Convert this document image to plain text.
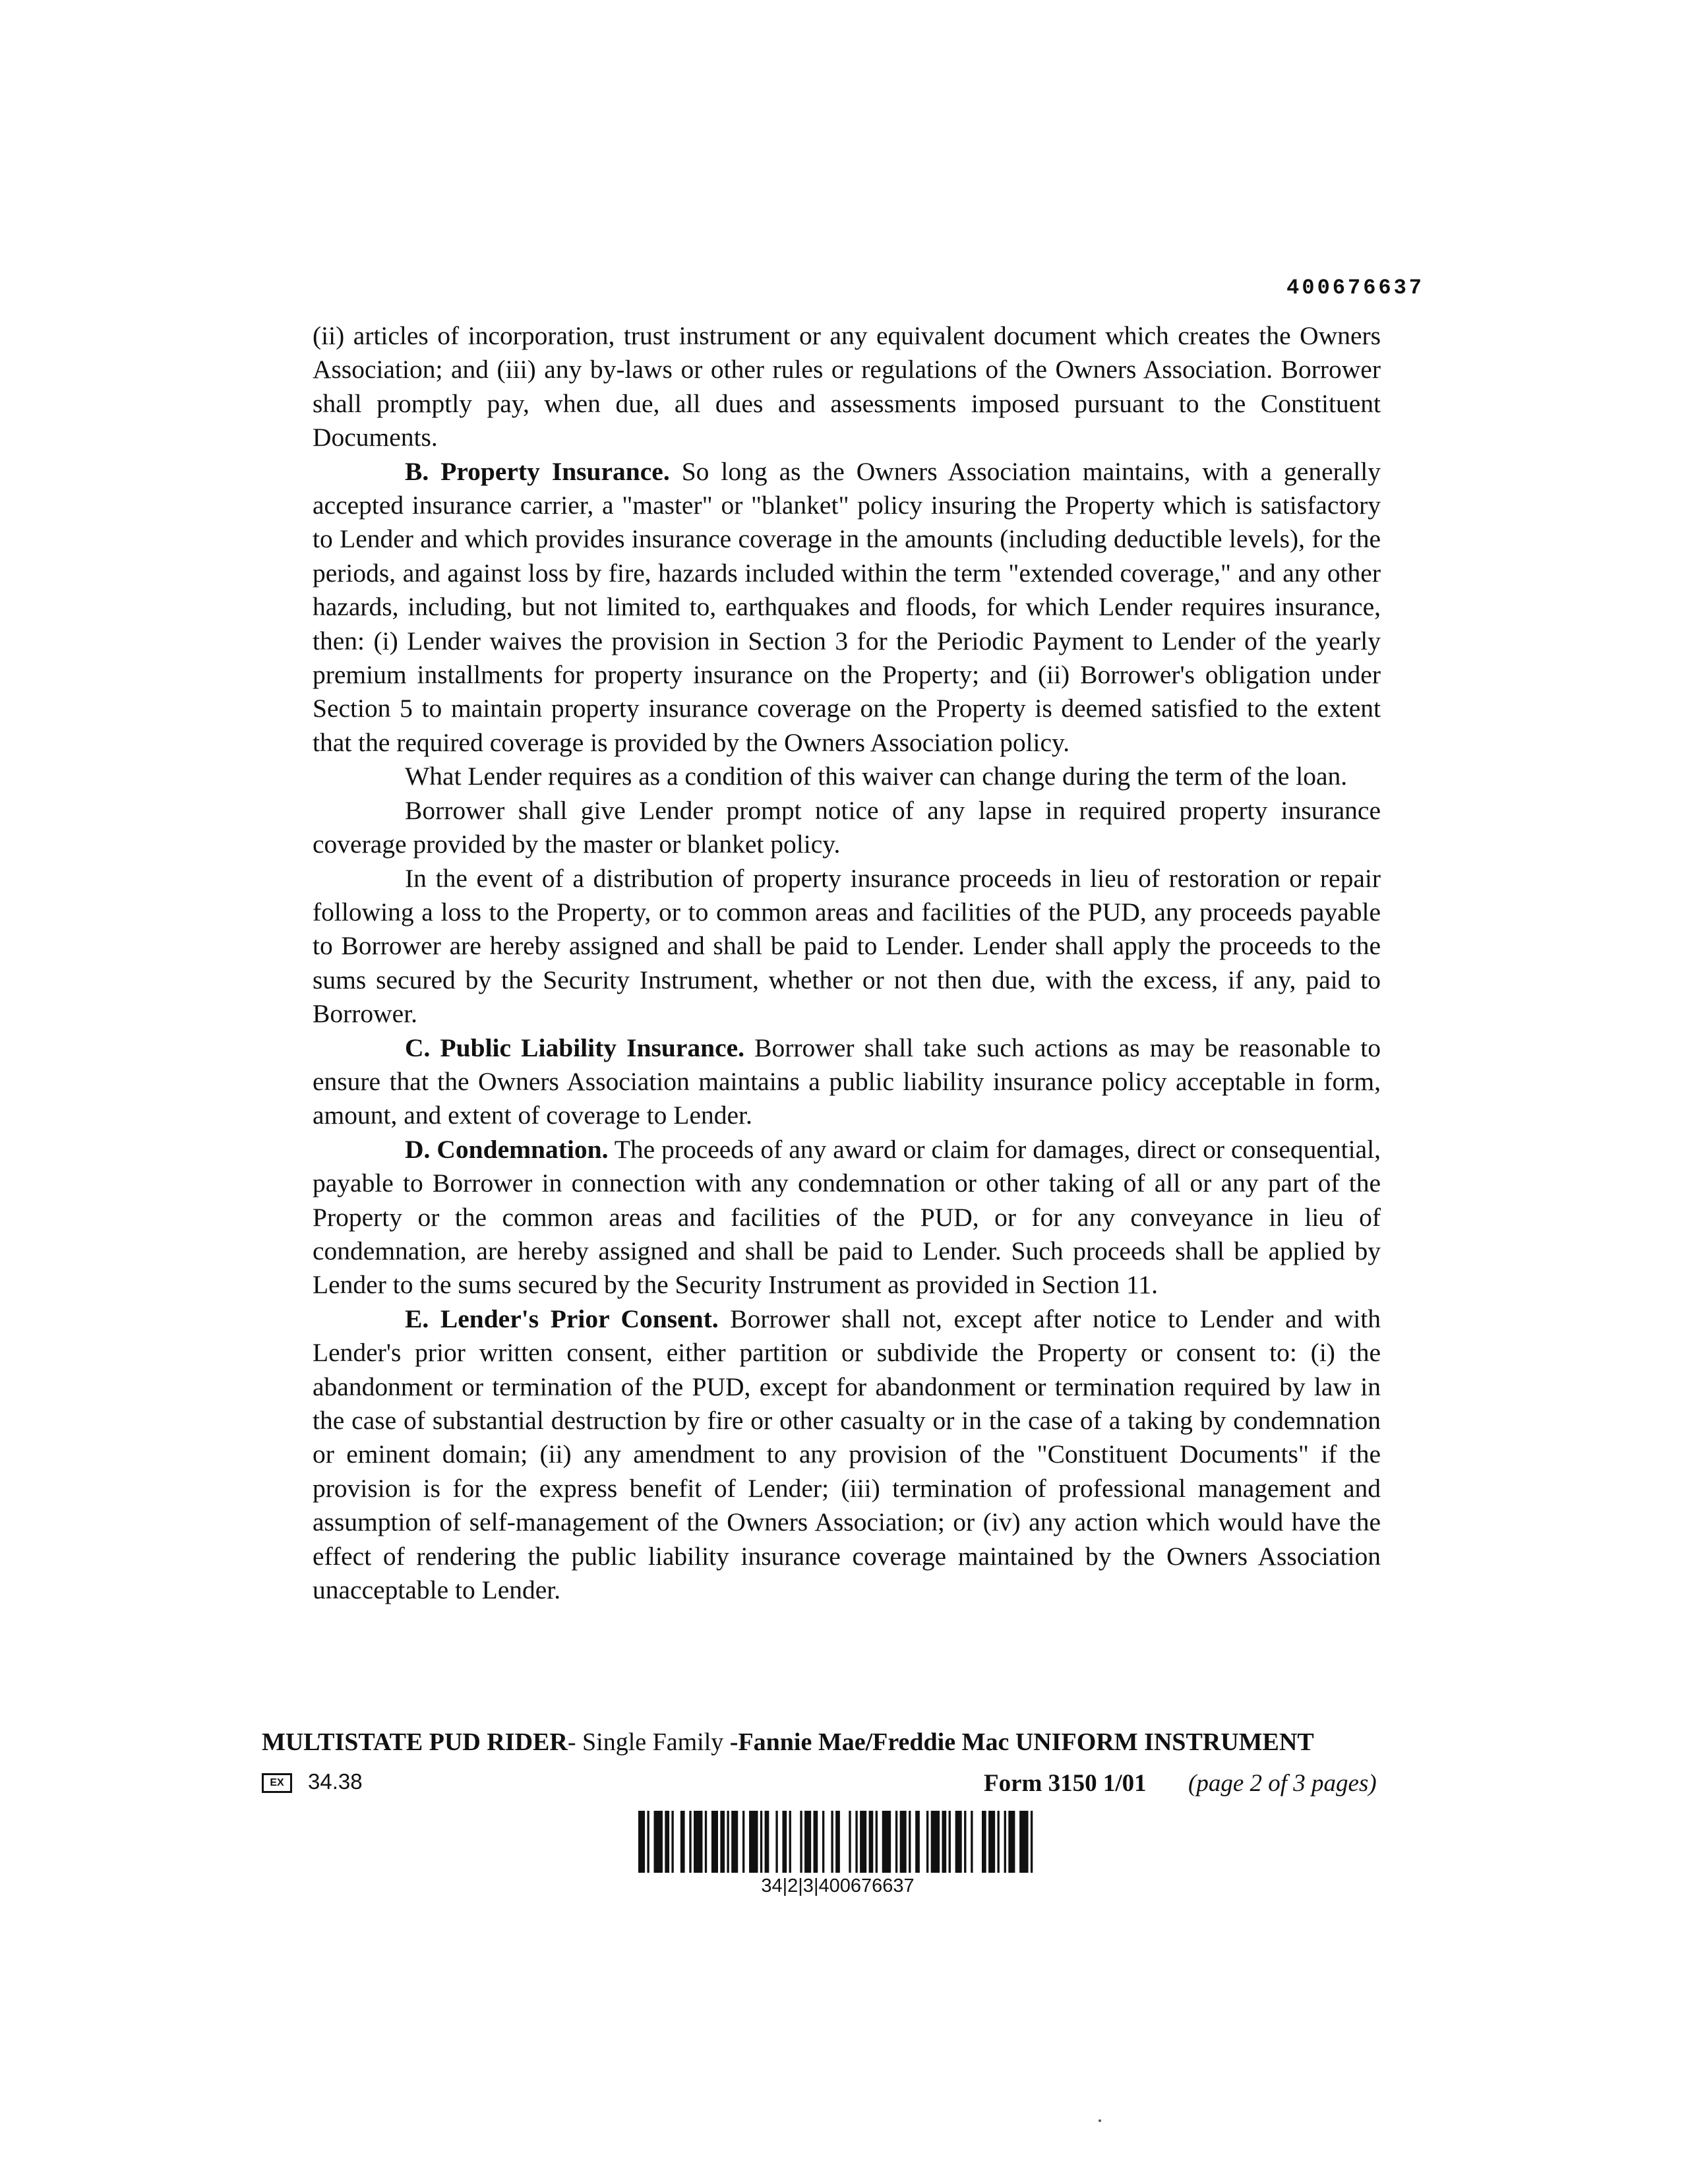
400676637

(ii) articles of incorporation, trust instrument or any equivalent document which creates the Owners Association; and (iii) any by-laws or other rules or regulations of the Owners Association. Borrower shall promptly pay, when due, all dues and assessments imposed pursuant to the Constituent Documents.

B. Property Insurance. So long as the Owners Association maintains, with a generally accepted insurance carrier, a "master" or "blanket" policy insuring the Property which is satisfactory to Lender and which provides insurance coverage in the amounts (including deductible levels), for the periods, and against loss by fire, hazards included within the term "extended coverage," and any other hazards, including, but not limited to, earthquakes and floods, for which Lender requires insurance, then: (i) Lender waives the provision in Section 3 for the Periodic Payment to Lender of the yearly premium installments for property insurance on the Property; and (ii) Borrower's obligation under Section 5 to maintain property insurance coverage on the Property is deemed satisfied to the extent that the required coverage is provided by the Owners Association policy.

What Lender requires as a condition of this waiver can change during the term of the loan.

Borrower shall give Lender prompt notice of any lapse in required property insurance coverage provided by the master or blanket policy.

In the event of a distribution of property insurance proceeds in lieu of restoration or repair following a loss to the Property, or to common areas and facilities of the PUD, any proceeds payable to Borrower are hereby assigned and shall be paid to Lender. Lender shall apply the proceeds to the sums secured by the Security Instrument, whether or not then due, with the excess, if any, paid to Borrower.

C. Public Liability Insurance. Borrower shall take such actions as may be reasonable to ensure that the Owners Association maintains a public liability insurance policy acceptable in form, amount, and extent of coverage to Lender.

D. Condemnation. The proceeds of any award or claim for damages, direct or consequential, payable to Borrower in connection with any condemnation or other taking of all or any part of the Property or the common areas and facilities of the PUD, or for any conveyance in lieu of condemnation, are hereby assigned and shall be paid to Lender. Such proceeds shall be applied by Lender to the sums secured by the Security Instrument as provided in Section 11.

E. Lender's Prior Consent. Borrower shall not, except after notice to Lender and with Lender's prior written consent, either partition or subdivide the Property or consent to: (i) the abandonment or termination of the PUD, except for abandonment or termination required by law in the case of substantial destruction by fire or other casualty or in the case of a taking by condemnation or eminent domain; (ii) any amendment to any provision of the "Constituent Documents" if the provision is for the express benefit of Lender; (iii) termination of professional management and assumption of self-management of the Owners Association; or (iv) any action which would have the effect of rendering the public liability insurance coverage maintained by the Owners Association unacceptable to Lender.

MULTISTATE PUD RIDER- Single Family -Fannie Mae/Freddie Mac UNIFORM INSTRUMENT
EX	34.38	Form 3150 1/01 (page 2 of 3 pages)
34|2|3|400676637
